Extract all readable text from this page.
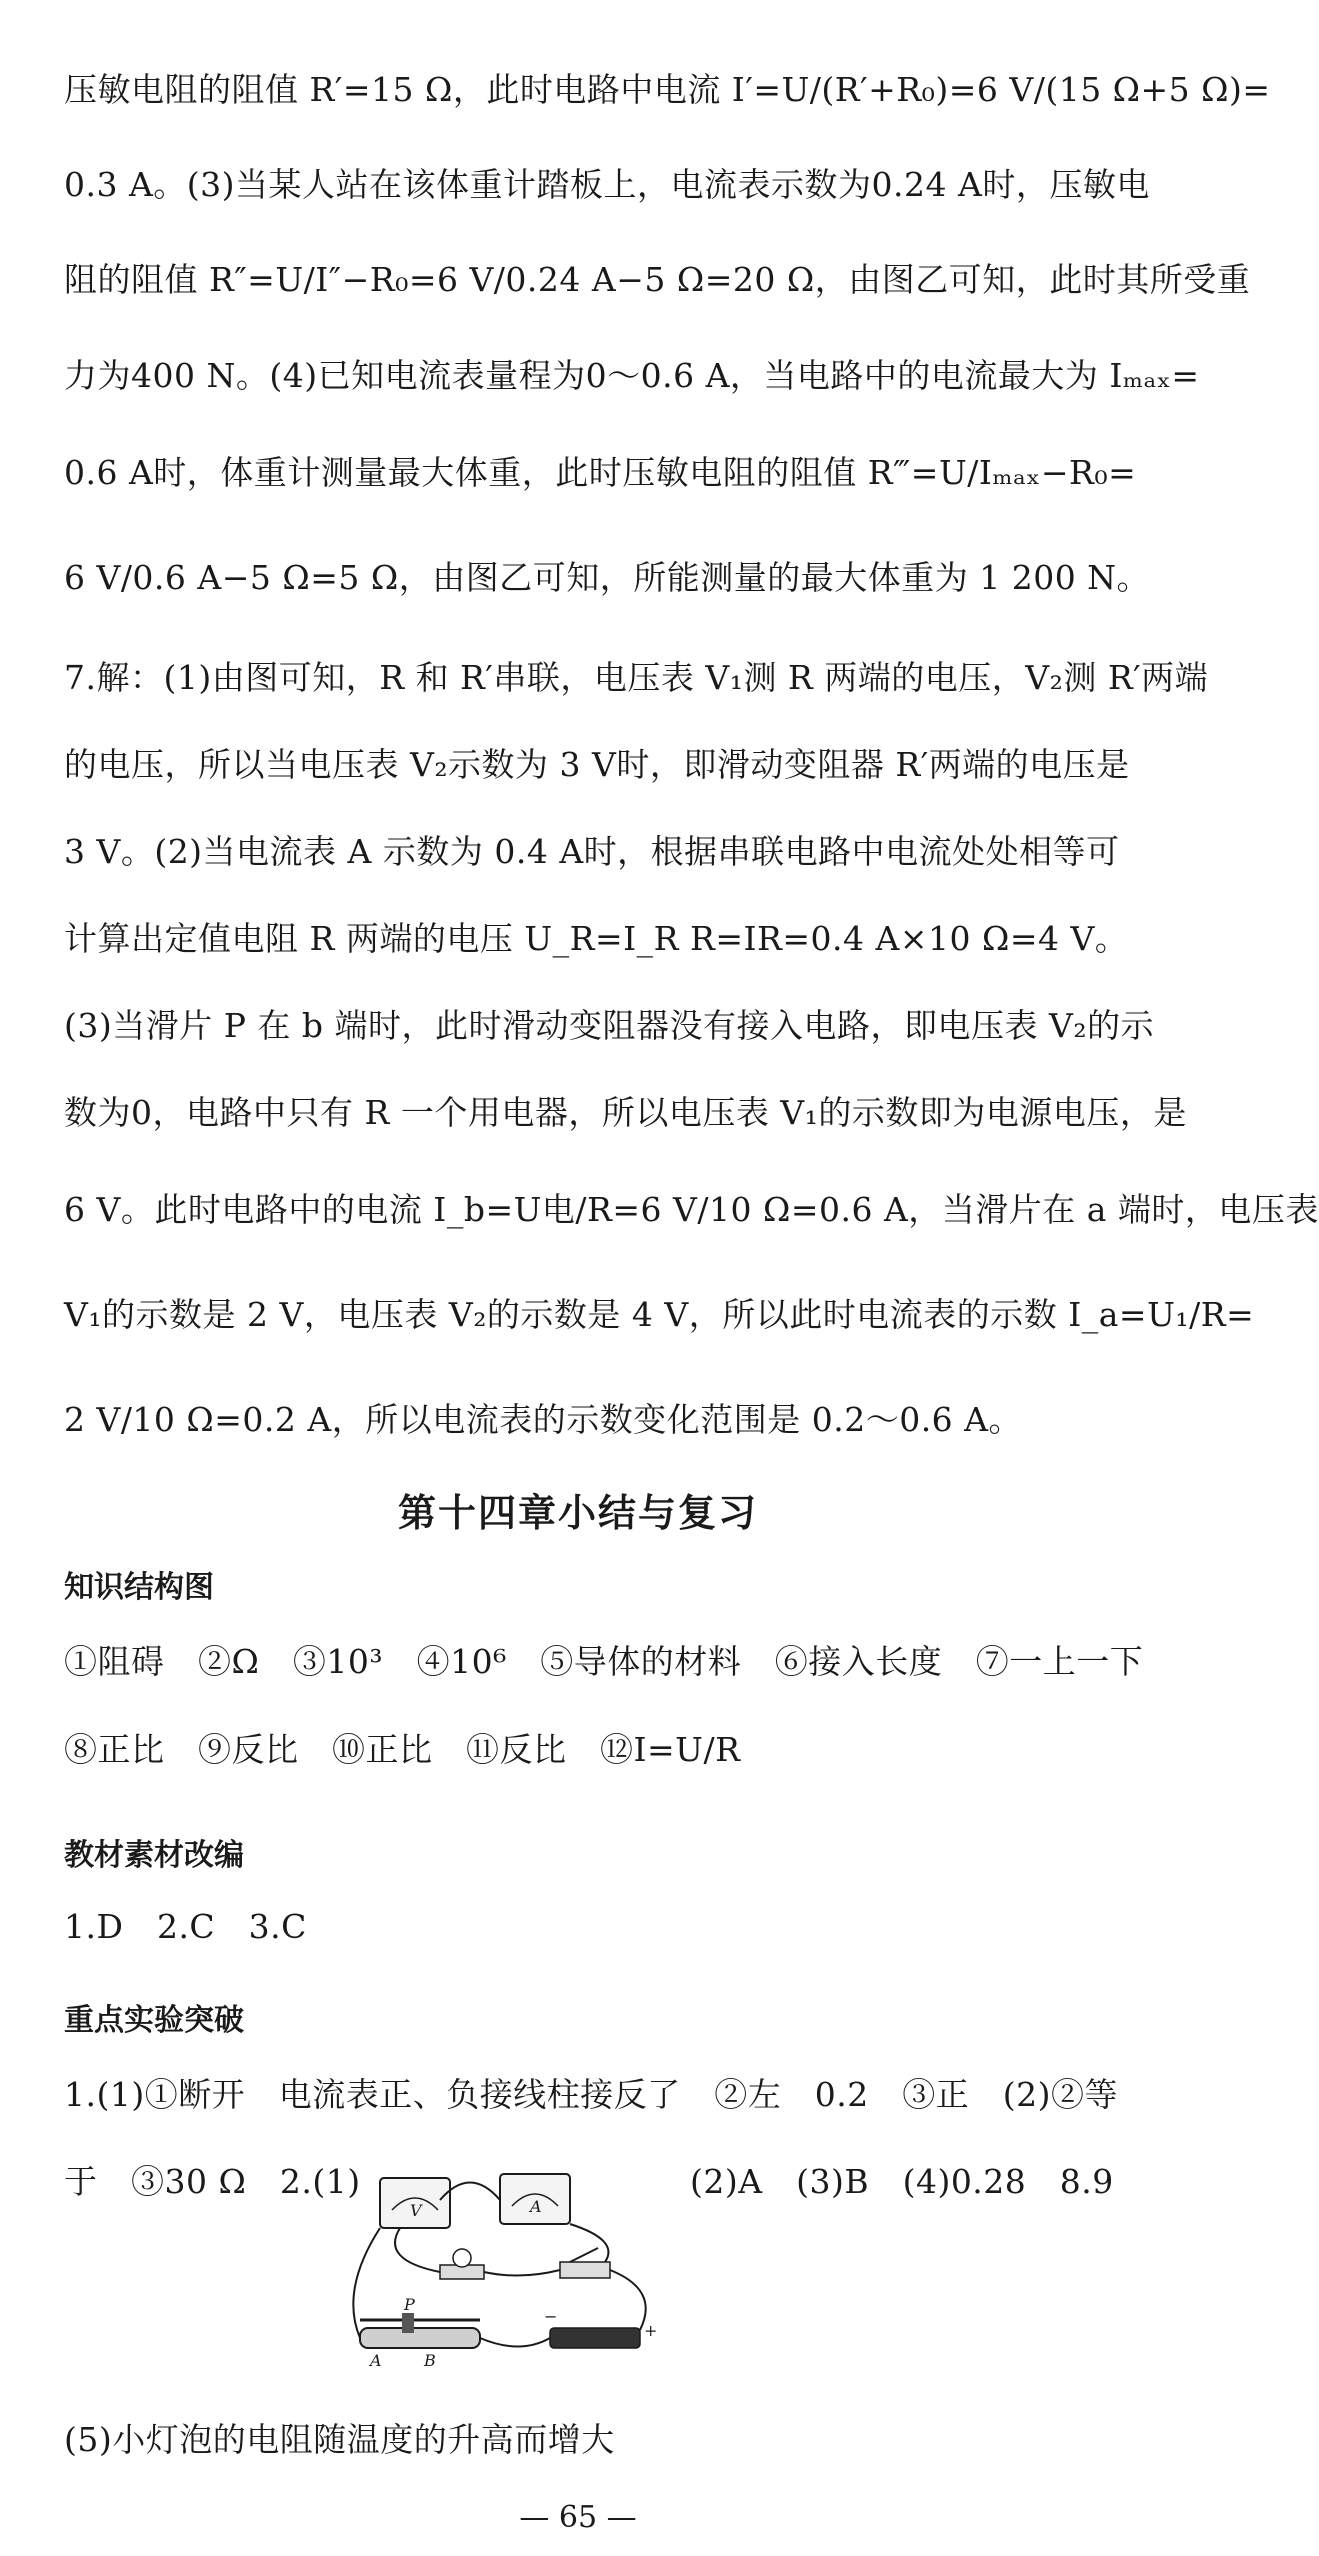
压敏电阻的阻值 R′=15 Ω，此时电路中电流 I′=U/(R′+R₀)=6 V/(15 Ω+5 Ω)=
0.3 A。(3)当某人站在该体重计踏板上，电流表示数为0.24 A时，压敏电
阻的阻值 R″=U/I″−R₀=6 V/0.24 A−5 Ω=20 Ω，由图乙可知，此时其所受重
力为400 N。(4)已知电流表量程为0～0.6 A，当电路中的电流最大为 Iₘₐₓ=
0.6 A时，体重计测量最大体重，此时压敏电阻的阻值 R‴=U/Iₘₐₓ−R₀=
6 V/0.6 A−5 Ω=5 Ω，由图乙可知，所能测量的最大体重为 1 200 N。
7.解：(1)由图可知，R 和 R′串联，电压表 V₁测 R 两端的电压，V₂测 R′两端
的电压，所以当电压表 V₂示数为 3 V时，即滑动变阻器 R′两端的电压是
3 V。(2)当电流表 A 示数为 0.4 A时，根据串联电路中电流处处相等可
计算出定值电阻 R 两端的电压 U_R=I_R R=IR=0.4 A×10 Ω=4 V。
(3)当滑片 P 在 b 端时，此时滑动变阻器没有接入电路，即电压表 V₂的示
数为0，电路中只有 R 一个用电器，所以电压表 V₁的示数即为电源电压，是
6 V。此时电路中的电流 I_b=U电/R=6 V/10 Ω=0.6 A，当滑片在 a 端时，电压表
V₁的示数是 2 V，电压表 V₂的示数是 4 V，所以此时电流表的示数 I_a=U₁/R=
2 V/10 Ω=0.2 A，所以电流表的示数变化范围是 0.2～0.6 A。
第十四章小结与复习
知识结构图
①阻碍　②Ω　③10³　④10⁶　⑤导体的材料　⑥接入长度　⑦一上一下
⑧正比　⑨反比　⑩正比　⑪反比　⑫I=U/R
教材素材改编
1.D　2.C　3.C
重点实验突破
1.(1)①断开　电流表正、负接线柱接反了　②左　0.2　③正　(2)②等
于　③30 Ω　2.(1)	(2)A　(3)B　(4)0.28　8.9
V	A
P
A	B
−
+
(5)小灯泡的电阻随温度的升高而增大
— 65 —
